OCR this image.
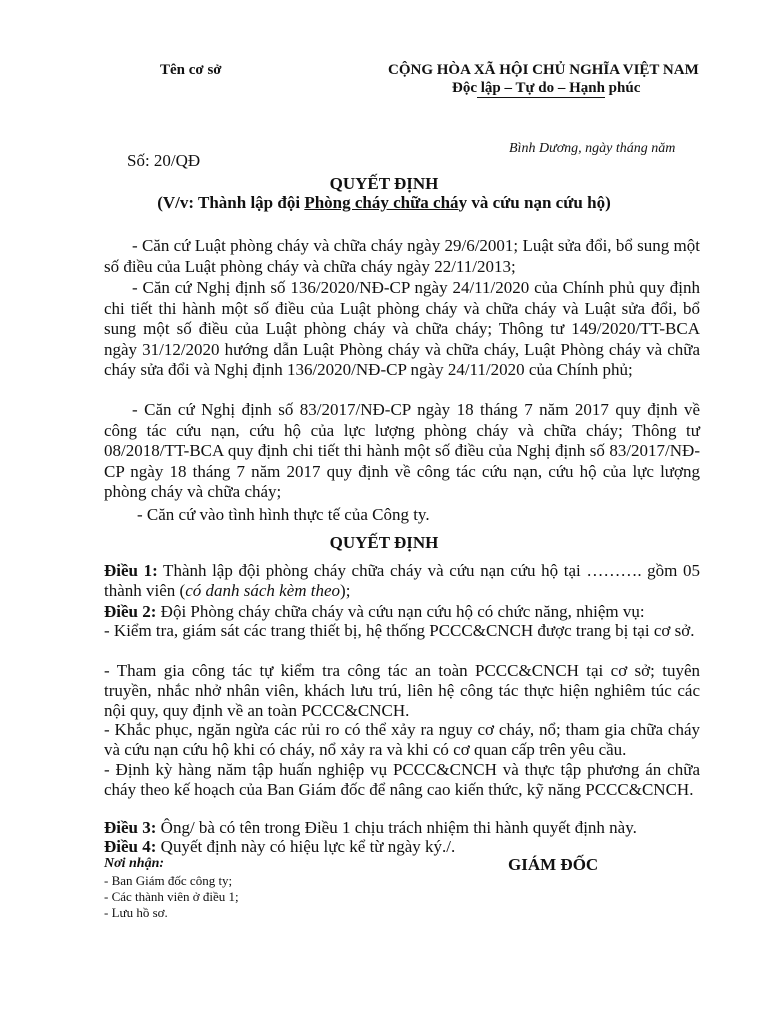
Tên cơ sở	CỘNG HÒA XÃ HỘI CHỦ NGHĨA VIỆT NAM
Độc lập – Tự do – Hạnh phúc
Bình Dương, ngày tháng năm
Số: 20/QĐ
QUYẾT ĐỊNH
(V/v: Thành lập đội Phòng cháy chữa cháy và cứu nạn cứu hộ)
- Căn cứ Luật phòng cháy và chữa cháy ngày 29/6/2001; Luật sửa đổi, bổ sung một số điều của Luật phòng cháy và chữa cháy ngày 22/11/2013;
- Căn cứ Nghị định số 136/2020/NĐ-CP ngày 24/11/2020 của Chính phủ quy định chi tiết thi hành một số điều của Luật phòng cháy và chữa cháy và Luật sửa đổi, bổ sung một số điều của Luật phòng cháy và chữa cháy; Thông tư 149/2020/TT-BCA ngày 31/12/2020 hướng dẫn Luật Phòng cháy và chữa cháy, Luật Phòng cháy và chữa cháy sửa đổi và Nghị định 136/2020/NĐ-CP ngày 24/11/2020 của Chính phủ;
- Căn cứ Nghị định số 83/2017/NĐ-CP ngày 18 tháng 7 năm 2017 quy định về công tác cứu nạn, cứu hộ của lực lượng phòng cháy và chữa cháy; Thông tư 08/2018/TT-BCA quy định chi tiết thi hành một số điều của Nghị định số 83/2017/NĐ-CP ngày 18 tháng 7 năm 2017 quy định về công tác cứu nạn, cứu hộ của lực lượng phòng cháy và chữa cháy;
- Căn cứ vào tình hình thực tế của Công ty.
QUYẾT ĐỊNH
Điều 1: Thành lập đội phòng cháy chữa cháy và cứu nạn cứu hộ tại ………. gồm 05 thành viên (có danh sách kèm theo);
Điều 2: Đội Phòng cháy chữa cháy và cứu nạn cứu hộ có chức năng, nhiệm vụ:
- Kiểm tra, giám sát các trang thiết bị, hệ thống PCCC&CNCH được trang bị tại cơ sở.
- Tham gia công tác tự kiểm tra công tác an toàn PCCC&CNCH tại cơ sở; tuyên truyền, nhắc nhở nhân viên, khách lưu trú, liên hệ công tác thực hiện nghiêm túc các nội quy, quy định về an toàn PCCC&CNCH.
- Khắc phục, ngăn ngừa các rủi ro có thể xảy ra nguy cơ cháy, nổ; tham gia chữa cháy và cứu nạn cứu hộ khi có cháy, nổ xảy ra và khi có cơ quan cấp trên yêu cầu.
- Định kỳ hàng năm tập huấn nghiệp vụ PCCC&CNCH và thực tập phương án chữa cháy theo kế hoạch của Ban Giám đốc để nâng cao kiến thức, kỹ năng PCCC&CNCH.
Điều 3: Ông/ bà có tên trong Điều 1 chịu trách nhiệm thi hành quyết định này.
Điều 4: Quyết định này có hiệu lực kể từ ngày ký./.
Nơi nhận:	GIÁM ĐỐC
- Ban Giám đốc công ty;
- Các thành viên ở điều 1;
- Lưu hồ sơ.
